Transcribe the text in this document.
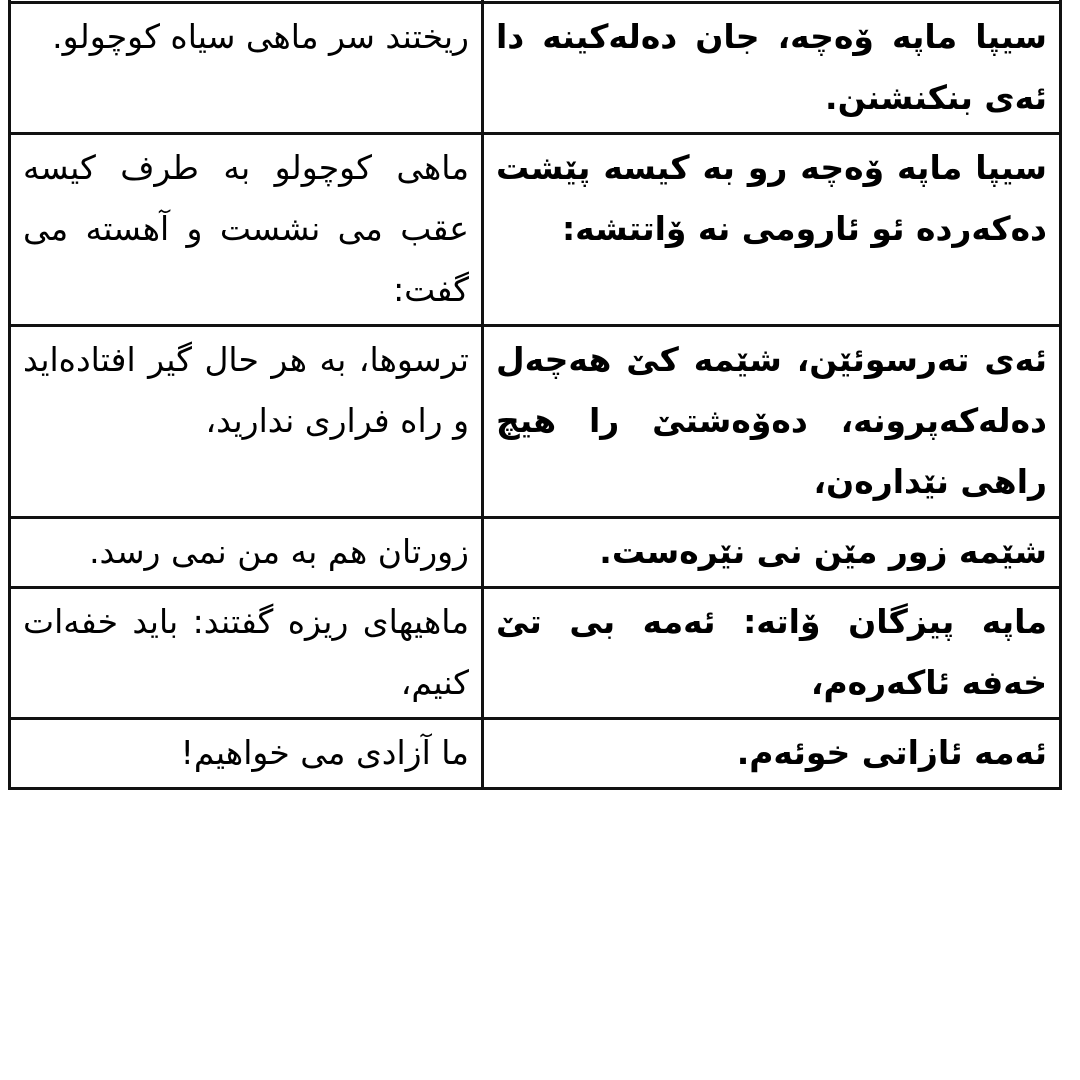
ریختند سر ماهی سیاه کوچولو.	سیپا ماپه ۆەچە، جان دەلەکینە دا ئەی بنکنشنن.
ماهی کوچولو به طرف کیسه عقب می نشست و آهسته می گفت:	سیپا ماپه ۆەچە رو به کیسە پێشت دەکەردە ئو ئارومی نە ۆاتتشە:
ترسوها، به هر حال گیر افتادەاید و راه فراری ندارید،	ئەی تەرسوئێن، شێمە کێ هەچەل دەلەکەپرونە، دەۆەشتێ را هیچ راهی نێدارەن،
زورتان هم به من نمی رسد.	شێمە زور مێن نی نێرەست.
ماهیهای ریزه گفتند: باید خفەات کنیم،	ماپه پیزگان ۆاته: ئەمە بی تێ خەفە ئاکەرەم،
ما آزادی می خواهیم!	ئەمە ئازاتی خوئەم.
